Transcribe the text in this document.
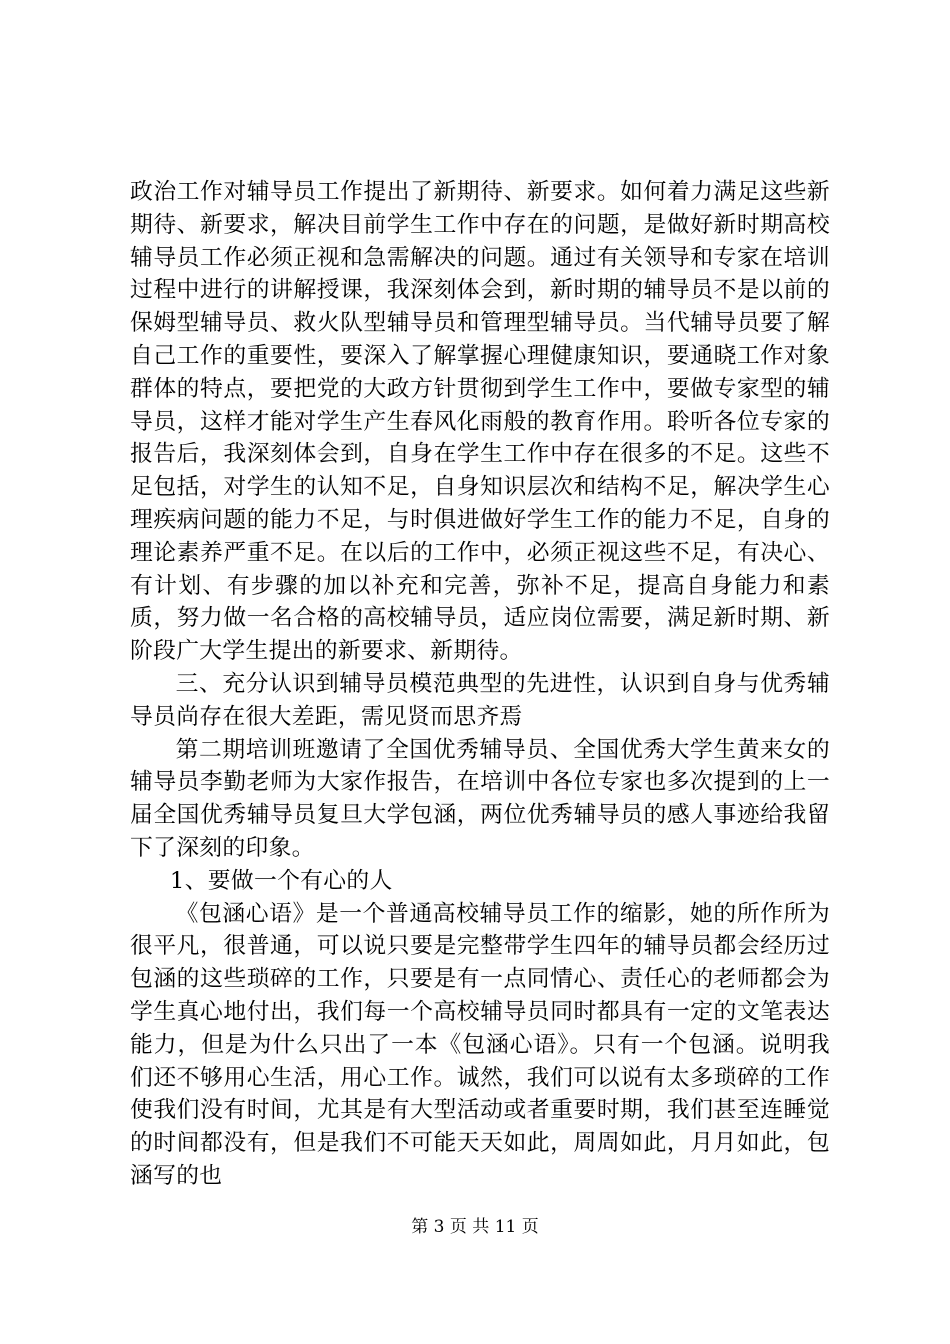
政治工作对辅导员工作提出了新期待、新要求。如何着力满足这些新期待、新要求，解决目前学生工作中存在的问题，是做好新时期高校辅导员工作必须正视和急需解决的问题。通过有关领导和专家在培训过程中进行的讲解授课，我深刻体会到，新时期的辅导员不是以前的保姆型辅导员、救火队型辅导员和管理型辅导员。当代辅导员要了解自己工作的重要性，要深入了解掌握心理健康知识，要通晓工作对象群体的特点，要把党的大政方针贯彻到学生工作中，要做专家型的辅导员，这样才能对学生产生春风化雨般的教育作用。聆听各位专家的报告后，我深刻体会到，自身在学生工作中存在很多的不足。这些不足包括，对学生的认知不足，自身知识层次和结构不足，解决学生心理疾病问题的能力不足，与时俱进做好学生工作的能力不足，自身的理论素养严重不足。在以后的工作中，必须正视这些不足，有决心、有计划、有步骤的加以补充和完善，弥补不足，提高自身能力和素质，努力做一名合格的高校辅导员，适应岗位需要，满足新时期、新阶段广大学生提出的新要求、新期待。

三、充分认识到辅导员模范典型的先进性，认识到自身与优秀辅导员尚存在很大差距，需见贤而思齐焉

第二期培训班邀请了全国优秀辅导员、全国优秀大学生黄来女的辅导员李勤老师为大家作报告，在培训中各位专家也多次提到的上一届全国优秀辅导员复旦大学包涵，两位优秀辅导员的感人事迹给我留下了深刻的印象。

1、要做一个有心的人

《包涵心语》是一个普通高校辅导员工作的缩影，她的所作所为很平凡，很普通，可以说只要是完整带学生四年的辅导员都会经历过包涵的这些琐碎的工作，只要是有一点同情心、责任心的老师都会为学生真心地付出，我们每一个高校辅导员同时都具有一定的文笔表达能力，但是为什么只出了一本《包涵心语》。只有一个包涵。说明我们还不够用心生活，用心工作。诚然，我们可以说有太多琐碎的工作使我们没有时间，尤其是有大型活动或者重要时期，我们甚至连睡觉的时间都没有，但是我们不可能天天如此，周周如此，月月如此，包涵写的也

第 3 页 共 11 页
